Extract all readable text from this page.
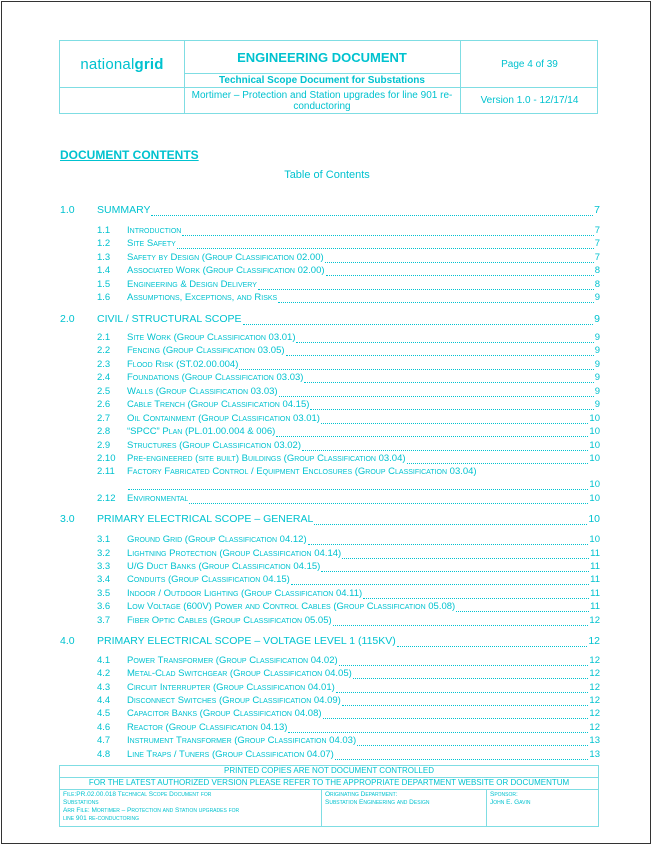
national grid	ENGINEERING DOCUMENT
Technical Scope Document for Substations
Mortimer – Protection and Station upgrades for line 901 re-conductoring
Page 4 of 39
Version 1.0 - 12/17/14
DOCUMENT CONTENTS
Table of Contents
1.0	SUMMARY	7
1.1	Introduction	7
1.2	Site Safety	7
1.3	Safety by Design (Group Classification 02.00)	7
1.4	Associated Work (Group Classification 02.00)	8
1.5	Engineering & Design Delivery	8
1.6	Assumptions, Exceptions, and Risks	9
2.0	CIVIL / STRUCTURAL SCOPE	9
2.1	Site Work (Group Classification 03.01)	9
2.2	Fencing (Group Classification 03.05)	9
2.3	Flood Risk (ST.02.00.004)	9
2.4	Foundations (Group Classification 03.03)	9
2.5	Walls (Group Classification 03.03)	9
2.6	Cable Trench (Group Classification 04.15)	9
2.7	Oil Containment (Group Classification 03.01)	10
2.8	“SPCC” Plan (PL.01.00.004 & 006)	10
2.9	Structures (Group Classification 03.02)	10
2.10	Pre-engineered (site built) Buildings (Group Classification 03.04)	10
2.11	Factory Fabricated Control / Equipment Enclosures (Group Classification 03.04)
10
2.12	Environmental	10
3.0	PRIMARY ELECTRICAL SCOPE – GENERAL	10
3.1	Ground Grid (Group Classification 04.12)	10
3.2	Lightning Protection (Group Classification 04.14)	11
3.3	U/G Duct Banks (Group Classification 04.15)	11
3.4	Conduits (Group Classification 04.15)	11
3.5	Indoor / Outdoor Lighting (Group Classification 04.11)	11
3.6	Low Voltage (600V) Power and Control Cables (Group Classification 05.08)	11
3.7	Fiber Optic Cables (Group Classification 05.05)	12
4.0	PRIMARY ELECTRICAL SCOPE – VOLTAGE LEVEL 1 (115KV)	12
4.1	Power Transformer (Group Classification 04.02)	12
4.2	Metal-Clad Switchgear (Group Classification 04.05)	12
4.3	Circuit Interrupter (Group Classification 04.01)	12
4.4	Disconnect Switches (Group Classification 04.09)	12
4.5	Capacitor Banks (Group Classification 04.08)	12
4.6	Reactor (Group Classification 04.13)	12
4.7	Instrument Transformer (Group Classification 04.03)	13
4.8	Line Traps / Tuners (Group Classification 04.07)	13
PRINTED COPIES ARE NOT DOCUMENT CONTROLLED
FOR THE LATEST AUTHORIZED VERSION PLEASE REFER TO THE APPROPRIATE DEPARTMENT WEBSITE OR DOCUMENTUM
File:PR.02.00.018 Technical Scope Document for
Substations
Arr File: Mortimer – Protection and Station upgrades for
line 901 re-conductoring
Originating Department:
Substation Engineering and Design
Sponsor:
John E. Gavin
